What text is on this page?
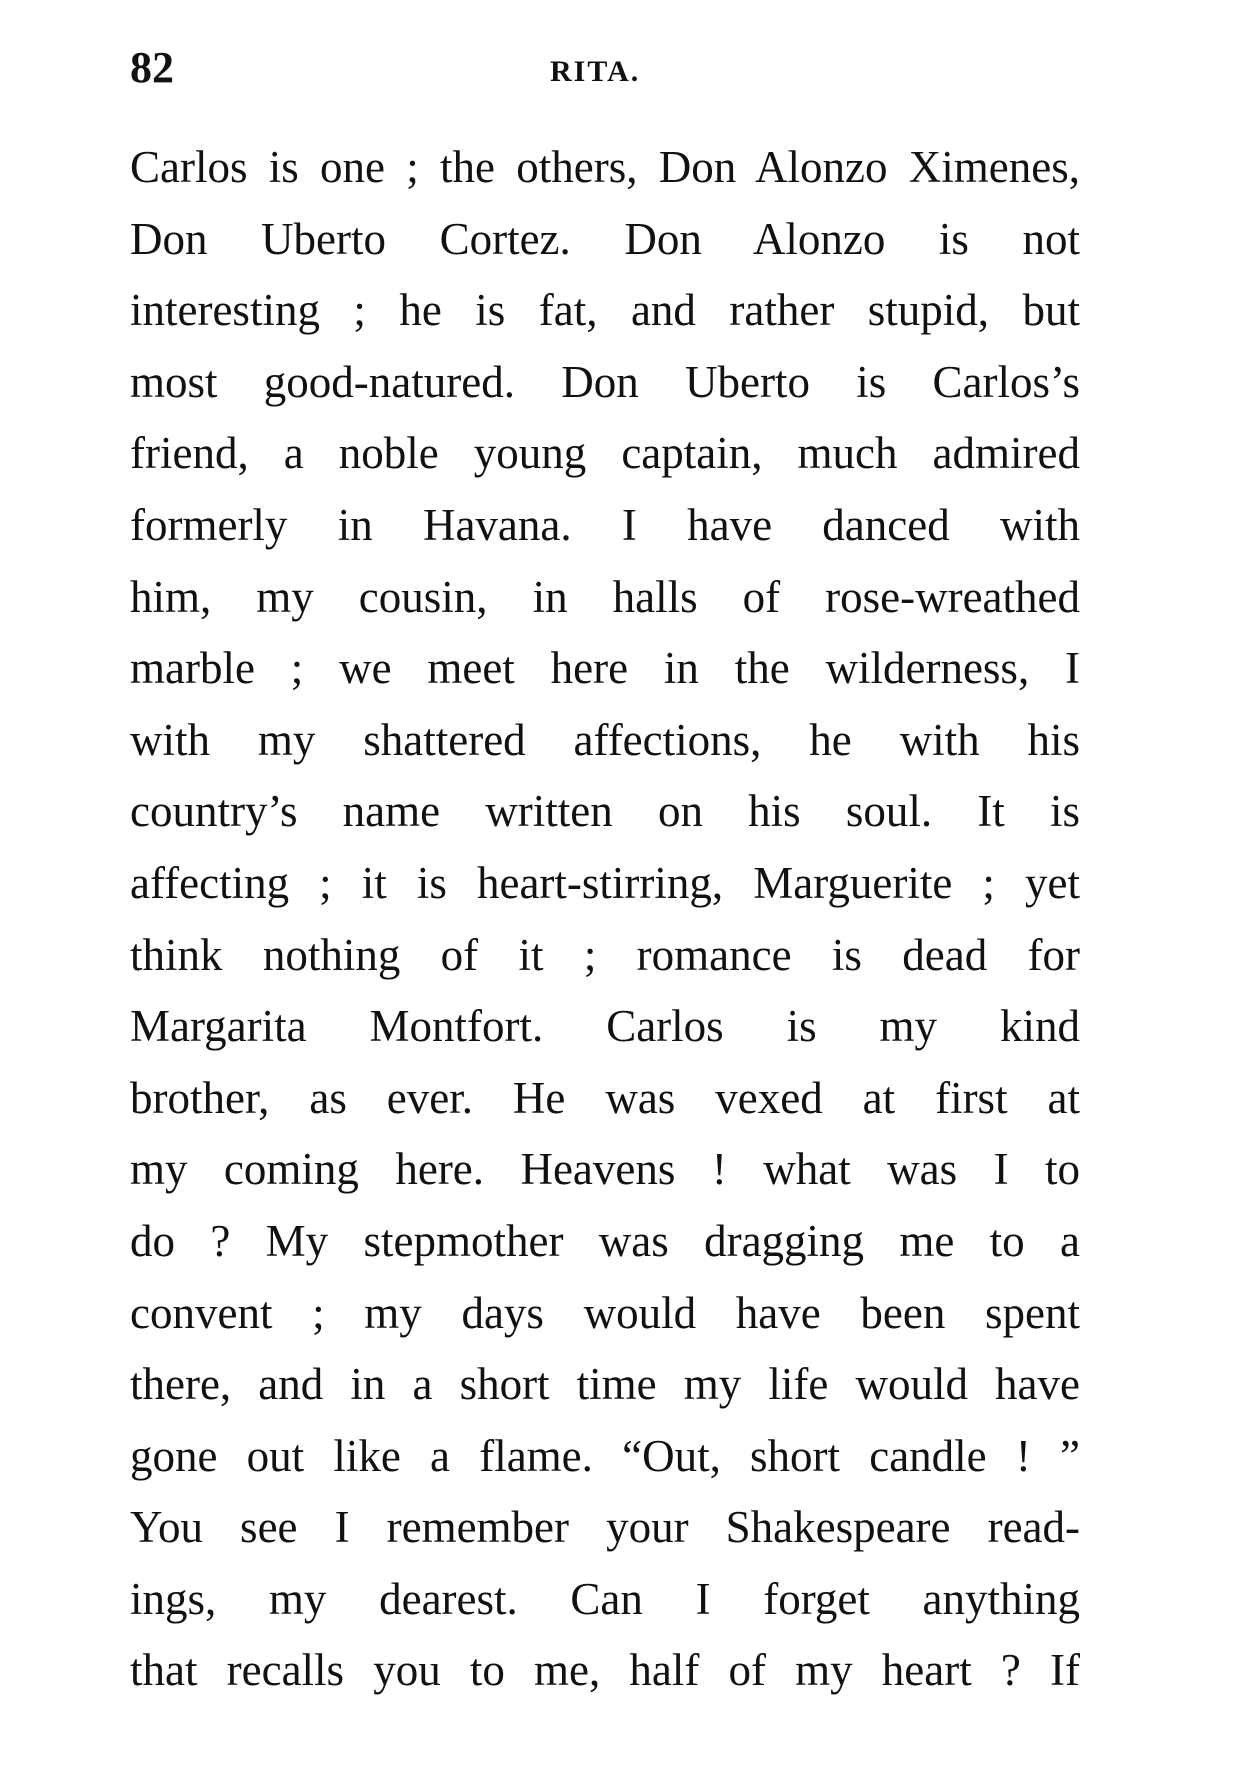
82	RITA.
Carlos is one ; the others, Don Alonzo Ximenes,
Don Uberto Cortez. Don Alonzo is not
interesting ; he is fat, and rather stupid, but
most good-natured. Don Uberto is Carlos’s
friend, a noble young captain, much admired
formerly in Havana. I have danced with
him, my cousin, in halls of rose-wreathed
marble ; we meet here in the wilderness, I
with my shattered affections, he with his
country’s name written on his soul. It is
affecting ; it is heart-stirring, Marguerite ; yet
think nothing of it ; romance is dead for
Margarita Montfort. Carlos is my kind
brother, as ever. He was vexed at first at
my coming here. Heavens ! what was I to
do ? My stepmother was dragging me to a
convent ; my days would have been spent
there, and in a short time my life would have
gone out like a flame. “Out, short candle ! ”
You see I remember your Shakespeare read-
ings, my dearest. Can I forget anything
that recalls you to me, half of my heart ? If
